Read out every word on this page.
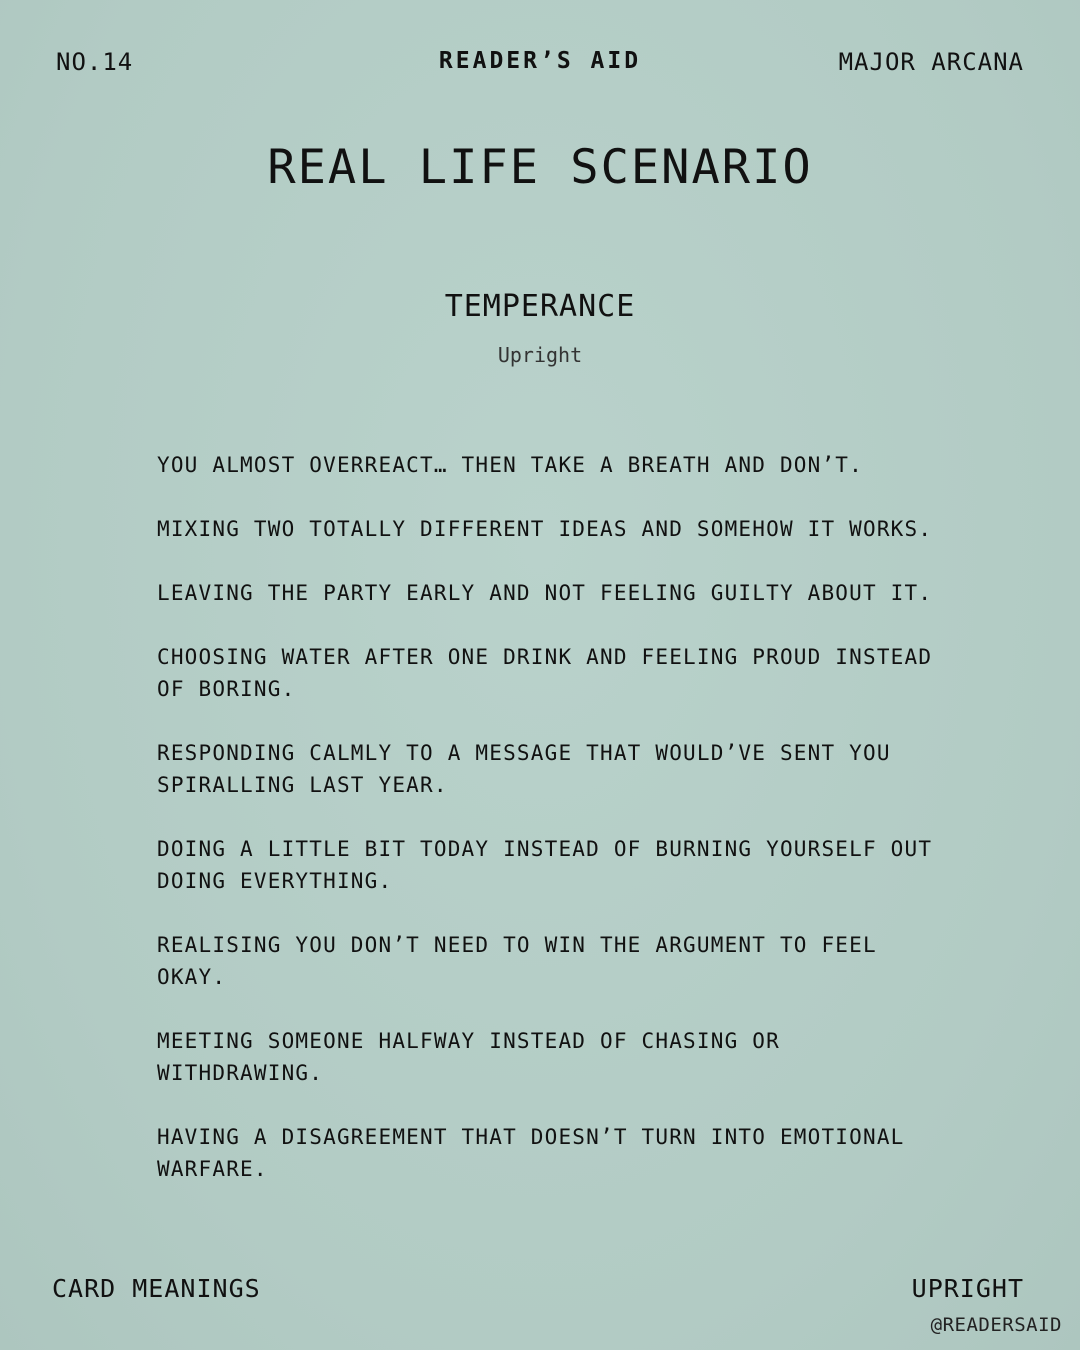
NO.14	READER’S AID	MAJOR ARCANA
REAL LIFE SCENARIO
TEMPERANCE
Upright
YOU ALMOST OVERREACT… THEN TAKE A BREATH AND DON’T.
MIXING TWO TOTALLY DIFFERENT IDEAS AND SOMEHOW IT WORKS.
LEAVING THE PARTY EARLY AND NOT FEELING GUILTY ABOUT IT.
CHOOSING WATER AFTER ONE DRINK AND FEELING PROUD INSTEAD OF BORING.
RESPONDING CALMLY TO A MESSAGE THAT WOULD’VE SENT YOU SPIRALLING LAST YEAR.
DOING A LITTLE BIT TODAY INSTEAD OF BURNING YOURSELF OUT DOING EVERYTHING.
REALISING YOU DON’T NEED TO WIN THE ARGUMENT TO FEEL OKAY.
MEETING SOMEONE HALFWAY INSTEAD OF CHASING OR WITHDRAWING.
HAVING A DISAGREEMENT THAT DOESN’T TURN INTO EMOTIONAL WARFARE.
CARD MEANINGS	UPRIGHT
@READERSAID
